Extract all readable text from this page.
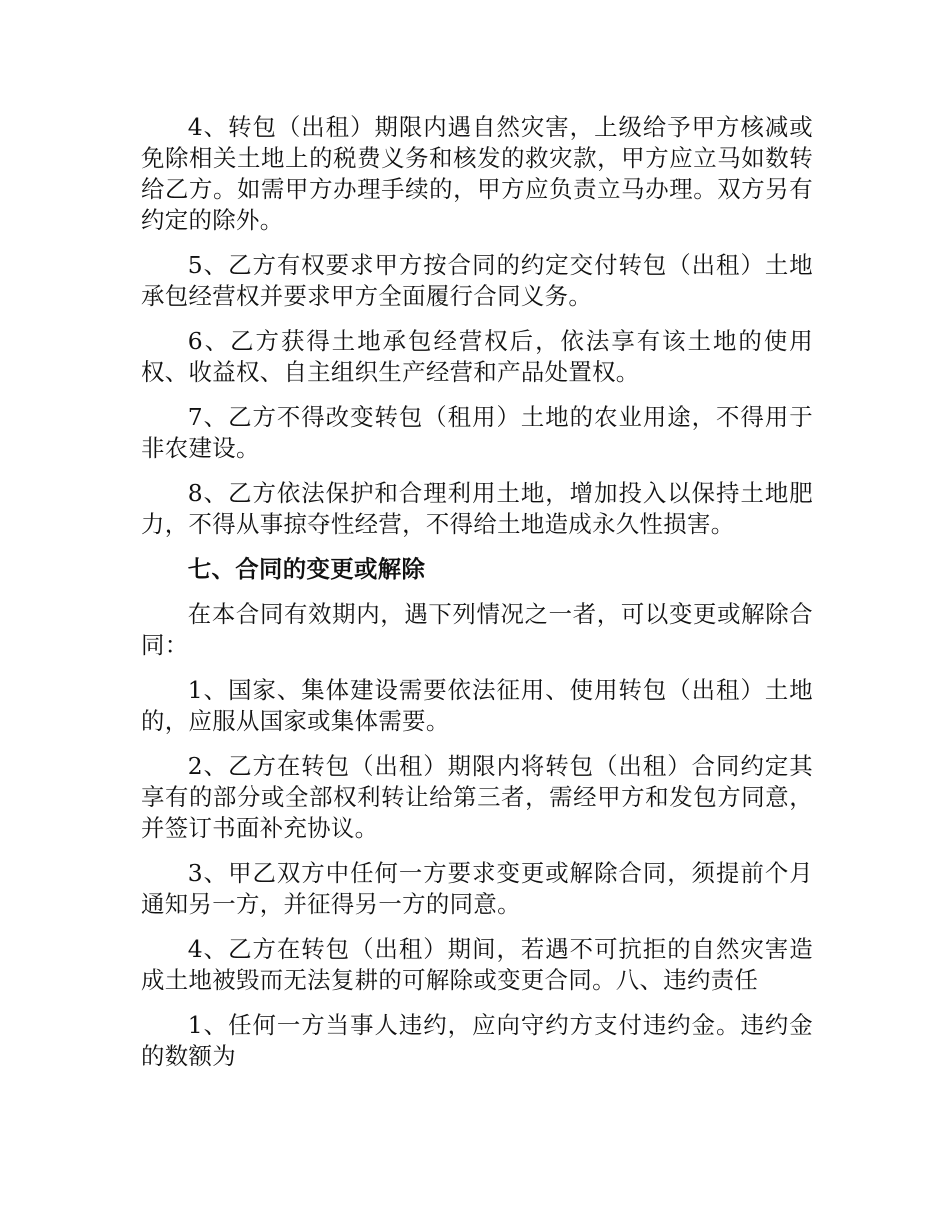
4、转包（出租）期限内遇自然灾害，上级给予甲方核减或免除相关土地上的税费义务和核发的救灾款，甲方应立马如数转给乙方。如需甲方办理手续的，甲方应负责立马办理。双方另有约定的除外。

5、乙方有权要求甲方按合同的约定交付转包（出租）土地承包经营权并要求甲方全面履行合同义务。

6、乙方获得土地承包经营权后，依法享有该土地的使用权、收益权、自主组织生产经营和产品处置权。

7、乙方不得改变转包（租用）土地的农业用途，不得用于非农建设。

8、乙方依法保护和合理利用土地，增加投入以保持土地肥力，不得从事掠夺性经营，不得给土地造成永久性损害。

七、合同的变更或解除

在本合同有效期内，遇下列情况之一者，可以变更或解除合同：

1、国家、集体建设需要依法征用、使用转包（出租）土地的，应服从国家或集体需要。

2、乙方在转包（出租）期限内将转包（出租）合同约定其享有的部分或全部权利转让给第三者，需经甲方和发包方同意，并签订书面补充协议。

3、甲乙双方中任何一方要求变更或解除合同，须提前个月通知另一方，并征得另一方的同意。

4、乙方在转包（出租）期间，若遇不可抗拒的自然灾害造成土地被毁而无法复耕的可解除或变更合同。八、违约责任

1、任何一方当事人违约，应向守约方支付违约金。违约金的数额为
